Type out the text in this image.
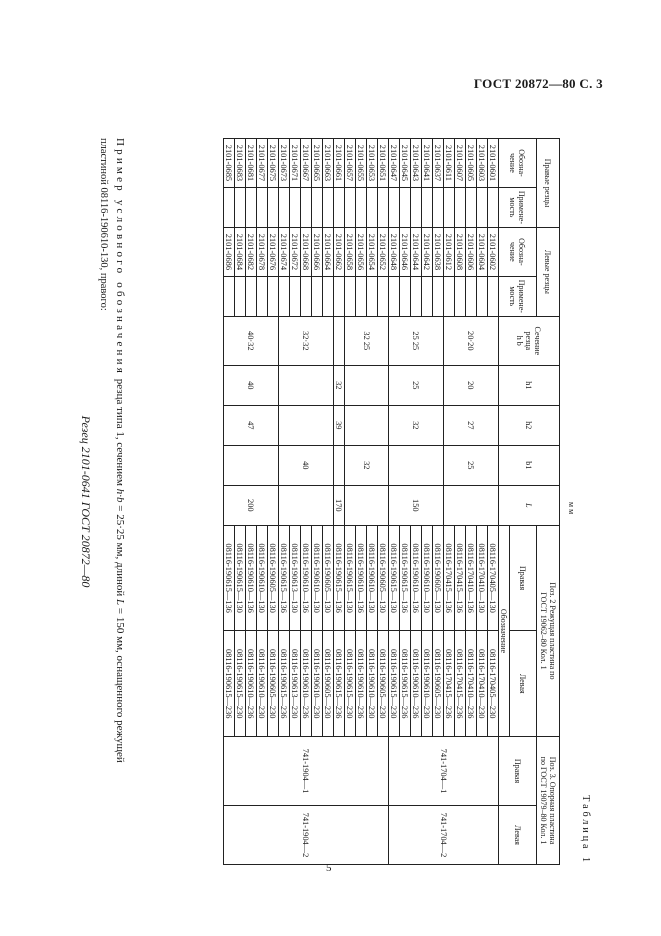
ГОСТ 20872—80 С. 3
Таблица 1
мм
Правые резцы		Левые резцы		Сечение
резца
h b	h1	h2	b1	L	Поз. 2 Режущая пластина по
ГОСТ 19062–80 Кол. 1		Поз. 3. Опорная пластина
по ГОСТ 19079–80 Кол. 1	
Обозна-
чение	Примене-
мость	Обозна-
чение	Примене-
мость						Правая	Левая	Правая	Левая
									Обозначение			
2101-0601		2101-0602		20·20	20	27	25		08116-170405—130	08116-170405—230	741-1704—1	741-1704—2
2101-0603		2101-0604							08116-170410—130	08116-170410—230		
2101-0605		2101-0606							08116-170410—136	08116-170410—236		
2101-0607		2101-0608							08116-170415—136	08116-170415—236		
2101-0611		2101-0612							08116-170415—136	08116-170415—236		
2101-0637		2101-0638		25 25	25	32		150	08116-190605—130	08116-190605—230		
2101-0641		2101-0642							08116-190610—130	08116-190610—230		
2101-0643		2101-0644							08116-190610—136	08116-190610—236		
2101-0645		2101-0646							08116-190615—136	08116-190615—236		
2101-0647		2101-0648							08116-190615—130	08116-190615—230		
2101-0651		2101-0652		32 25			32		08116-190605—130	08116-190605—230	741-1904—1	741-1904—2
2101-0653		2101-0654							08116-190610—130	08116-190610—230		
2101-0655		2101-0656							08116-190610—136	08116-190610—236		
2101-0657		2101-0658							08116-190615—130	08116-190615—230		
2101-0661		2101-0662			32	39		170	08116-190615—136	08116-190615—236		
2101-0663		2101-0664		32·32			40		08116-190605—130	08116-190605—230		
2101-0665		2101-0666							08116-190610—130	08116-190610—230		
2101-0667		2101-0668							08116-190610—136	08116-190610—236		
2101-0671		2101-0672							08116-190613—130	08116-190613—230		
2101-0673		2101-0674							08116-190615—136	08116-190615—236		
2101-0675		2101-0676		40·32	40	47		200	08116-190605—130	08116-190605—230		
2101-0677		2101-0678							08116-190610—130	08116-190610—230		
2101-0681		2101-0682							08116-190610—136	08116-190610—236		
2101-0683		2101-0684							08116-190615—130	08116-190615—230		
2101-0685		2101-0686							08116-190615—136	08116-190615—236		
Пример условного обозначения резца типа 1, сечением h·b = 25·25 мм, длиной L = 150 мм, оснащенного режущей
пластиной 08116-190610-130, правого:
Резец 2101-0641 ГОСТ 20872—80
5
